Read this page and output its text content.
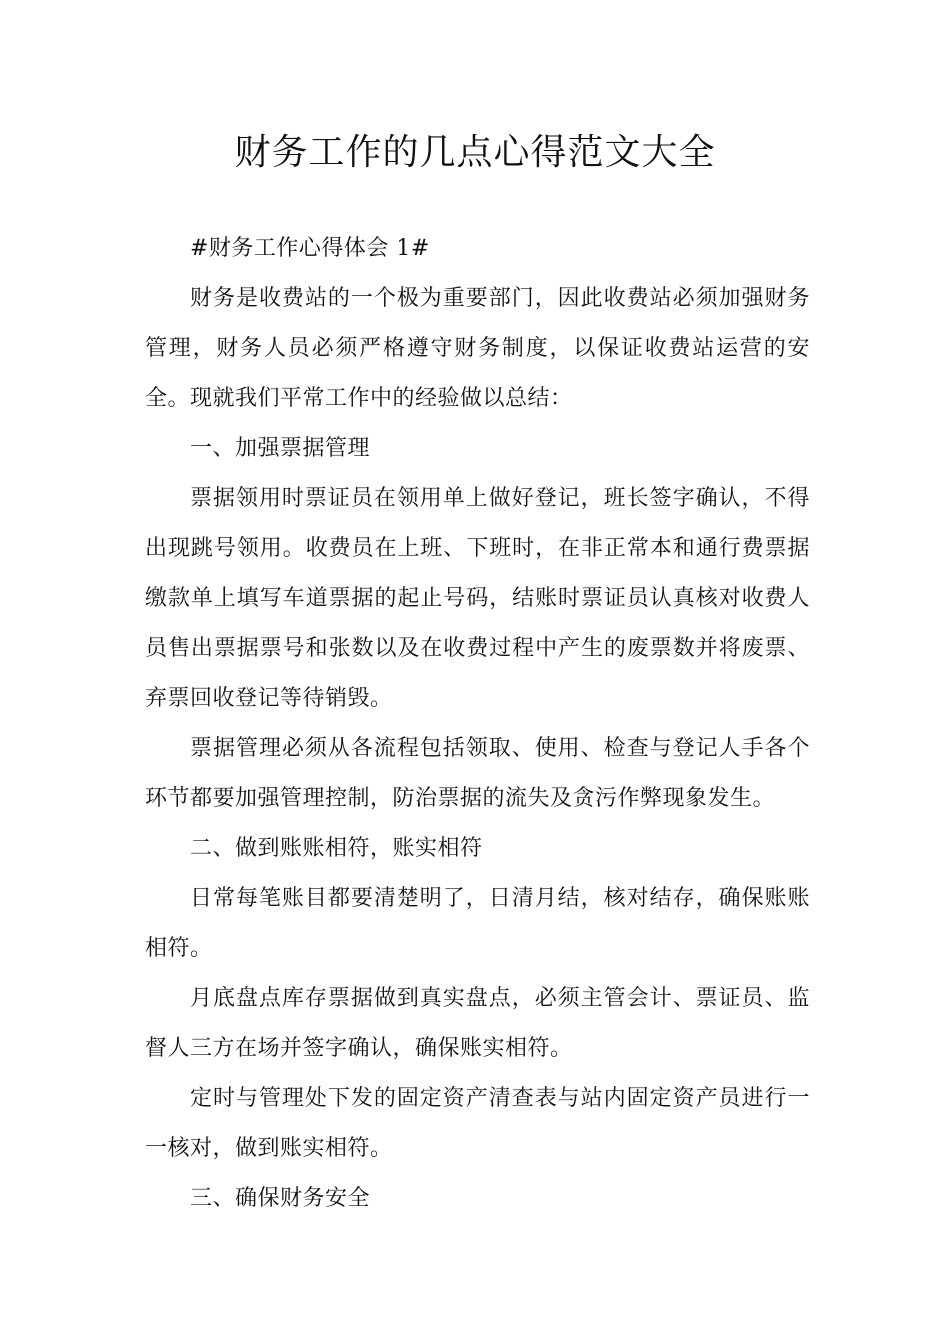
财务工作的几点心得范文大全

#财务工作心得体会 1#

财务是收费站的一个极为重要部门，因此收费站必须加强财务管理，财务人员必须严格遵守财务制度，以保证收费站运营的安全。现就我们平常工作中的经验做以总结：

一、加强票据管理

票据领用时票证员在领用单上做好登记，班长签字确认，不得出现跳号领用。收费员在上班、下班时，在非正常本和通行费票据缴款单上填写车道票据的起止号码，结账时票证员认真核对收费人员售出票据票号和张数以及在收费过程中产生的废票数并将废票、弃票回收登记等待销毁。

票据管理必须从各流程包括领取、使用、检查与登记人手各个环节都要加强管理控制，防治票据的流失及贪污作弊现象发生。

二、做到账账相符，账实相符

日常每笔账目都要清楚明了，日清月结，核对结存，确保账账相符。

月底盘点库存票据做到真实盘点，必须主管会计、票证员、监督人三方在场并签字确认，确保账实相符。

定时与管理处下发的固定资产清查表与站内固定资产员进行一一核对，做到账实相符。

三、确保财务安全
